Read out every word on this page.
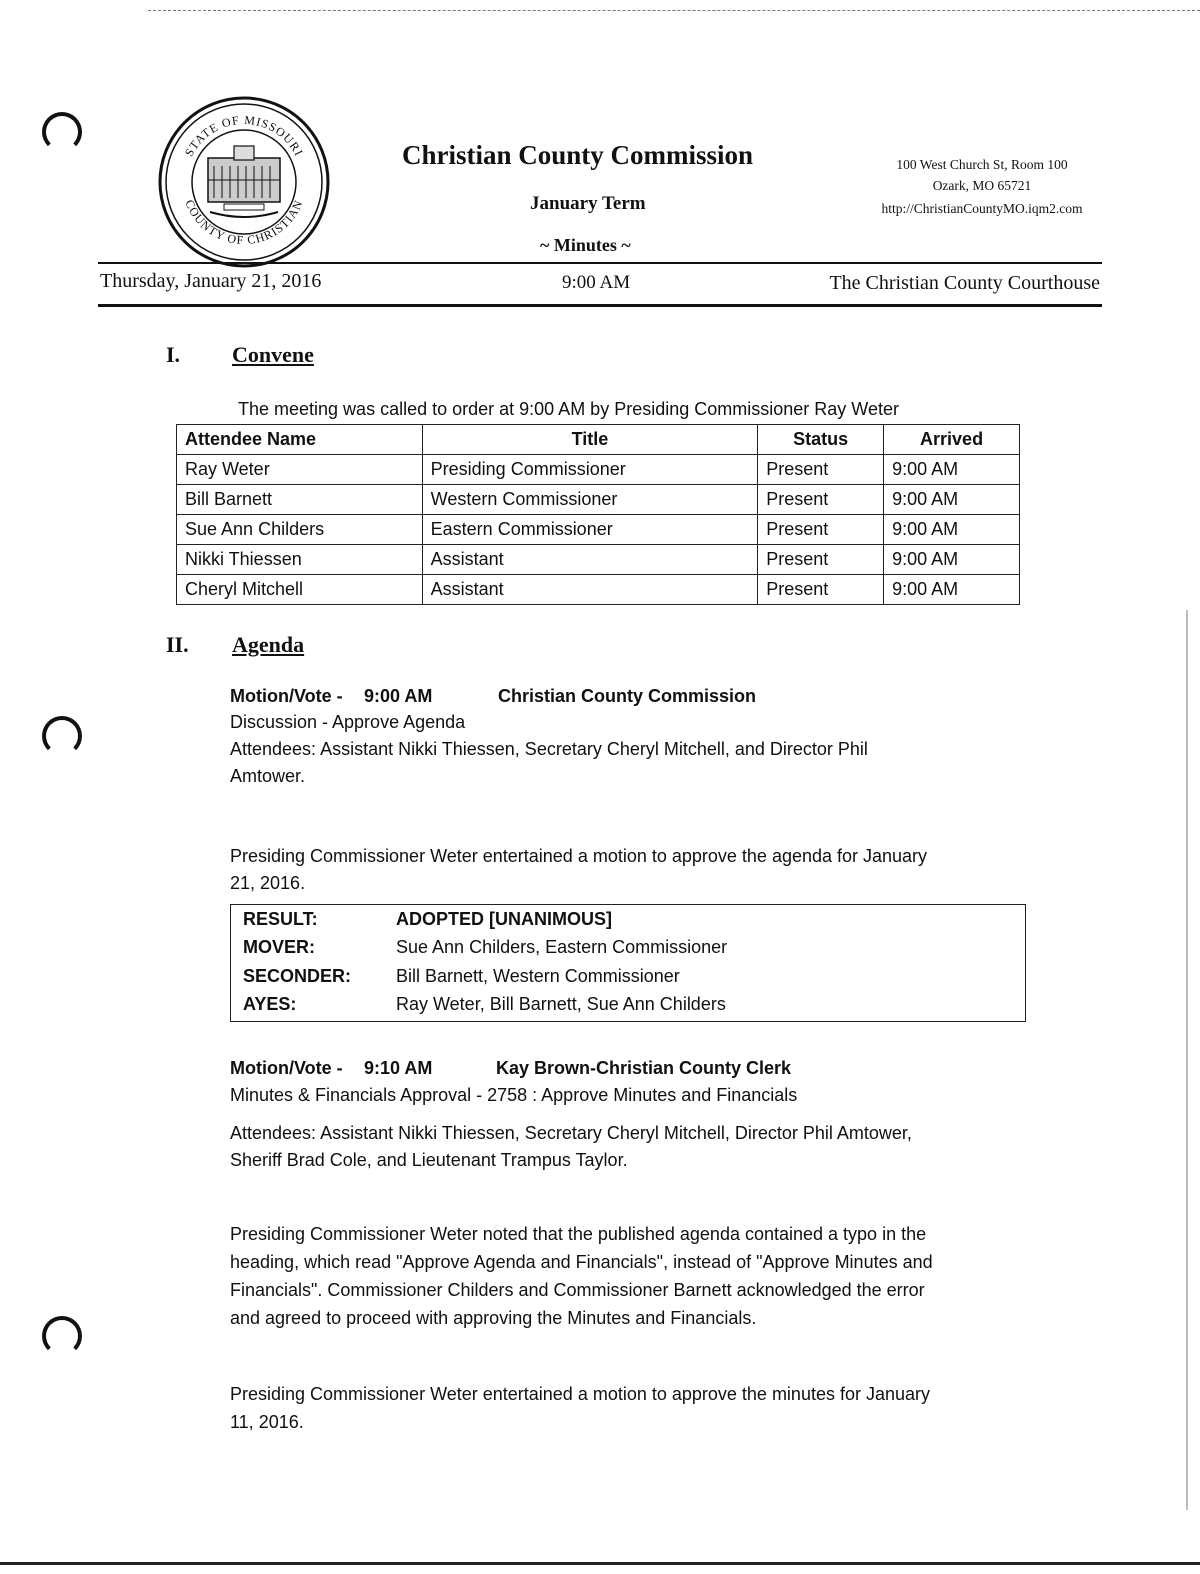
STATE OF MISSOURI
COUNTY OF CHRISTIAN
Christian County Commission
January Term
~ Minutes ~
100 West Church St, Room 100
Ozark, MO 65721
http://ChristianCountyMO.iqm2.com
Thursday, January 21, 2016	9:00 AM	The Christian County Courthouse
I. Convene
The meeting was called to order at 9:00 AM by Presiding Commissioner Ray Weter
Attendee Name	Title	Status	Arrived
Ray Weter	Presiding Commissioner	Present	9:00 AM
Bill Barnett	Western Commissioner	Present	9:00 AM
Sue Ann Childers	Eastern Commissioner	Present	9:00 AM
Nikki Thiessen	Assistant	Present	9:00 AM
Cheryl Mitchell	Assistant	Present	9:00 AM
II. Agenda
Motion/Vote - 9:00 AM	Christian County Commission
Discussion - Approve Agenda
Attendees: Assistant Nikki Thiessen, Secretary Cheryl Mitchell, and Director Phil
Amtower.
Presiding Commissioner Weter entertained a motion to approve the agenda for January
21, 2016.
RESULT:	ADOPTED [UNANIMOUS]
MOVER:	Sue Ann Childers, Eastern Commissioner
SECONDER: Bill Barnett, Western Commissioner
AYES:	Ray Weter, Bill Barnett, Sue Ann Childers
Motion/Vote - 9:10 AM	Kay Brown-Christian County Clerk
Minutes & Financials Approval - 2758 : Approve Minutes and Financials
Attendees: Assistant Nikki Thiessen, Secretary Cheryl Mitchell, Director Phil Amtower,
Sheriff Brad Cole, and Lieutenant Trampus Taylor.
Presiding Commissioner Weter noted that the published agenda contained a typo in the
heading, which read "Approve Agenda and Financials", instead of "Approve Minutes and
Financials". Commissioner Childers and Commissioner Barnett acknowledged the error
and agreed to proceed with approving the Minutes and Financials.
Presiding Commissioner Weter entertained a motion to approve the minutes for January
11, 2016.
